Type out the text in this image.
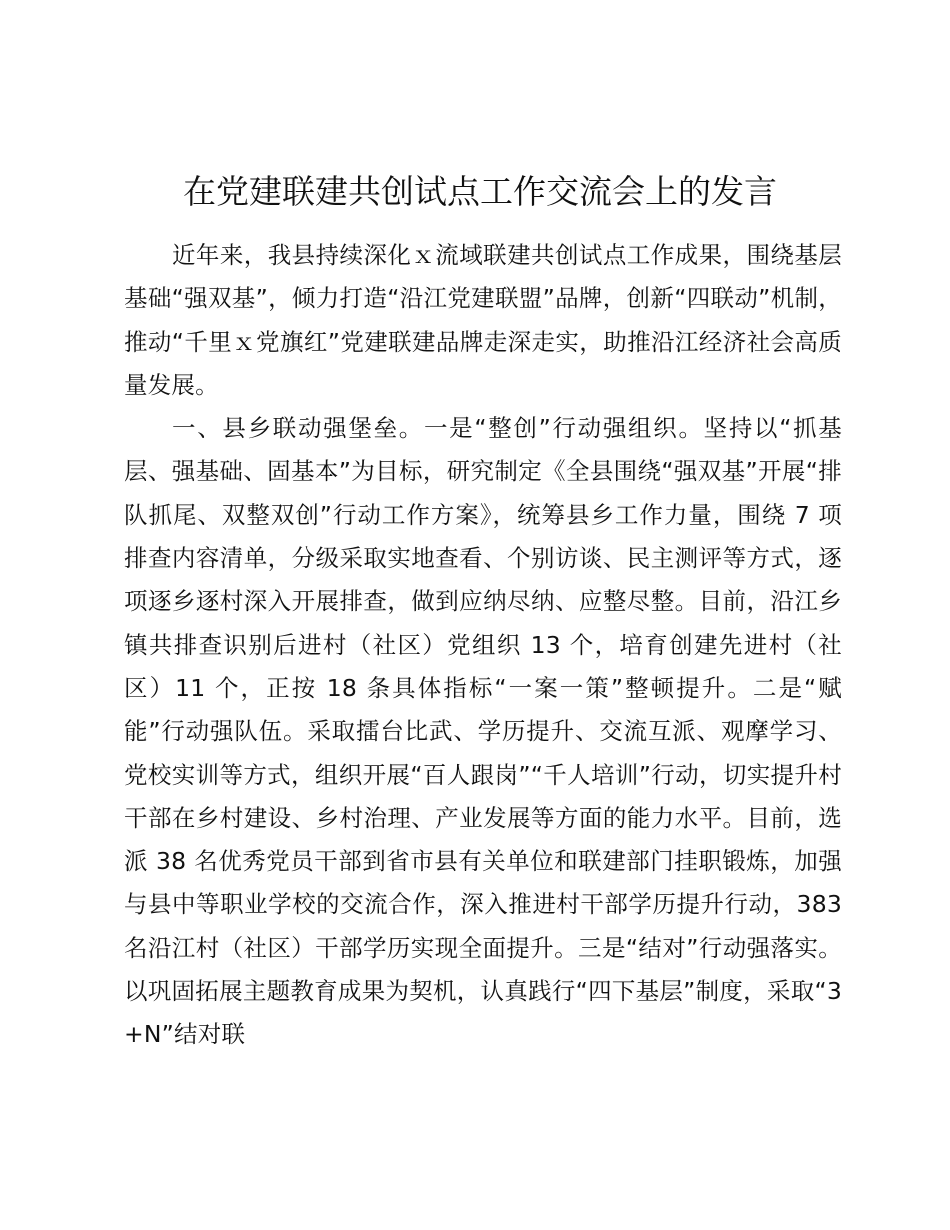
在党建联建共创试点工作交流会上的发言

近年来，我县持续深化ｘ流域联建共创试点工作成果，围绕基层基础“强双基”，倾力打造“沿江党建联盟”品牌，创新“四联动”机制，推动“千里ｘ党旗红”党建联建品牌走深走实，助推沿江经济社会高质量发展。

一、县乡联动强堡垒。一是“整创”行动强组织。坚持以“抓基层、强基础、固基本”为目标，研究制定《全县围绕“强双基”开展“排队抓尾、双整双创”行动工作方案》，统筹县乡工作力量，围绕 7 项排查内容清单，分级采取实地查看、个别访谈、民主测评等方式，逐项逐乡逐村深入开展排查，做到应纳尽纳、应整尽整。目前，沿江乡镇共排查识别后进村（社区）党组织 13 个，培育创建先进村（社区）11 个，正按 18 条具体指标“一案一策”整顿提升。二是“赋能”行动强队伍。采取擂台比武、学历提升、交流互派、观摩学习、党校实训等方式，组织开展“百人跟岗”“千人培训”行动，切实提升村干部在乡村建设、乡村治理、产业发展等方面的能力水平。目前，选派 38 名优秀党员干部到省市县有关单位和联建部门挂职锻炼，加强与县中等职业学校的交流合作，深入推进村干部学历提升行动，383 名沿江村（社区）干部学历实现全面提升。三是“结对”行动强落实。以巩固拓展主题教育成果为契机，认真践行“四下基层”制度，采取“3+N”结对联
